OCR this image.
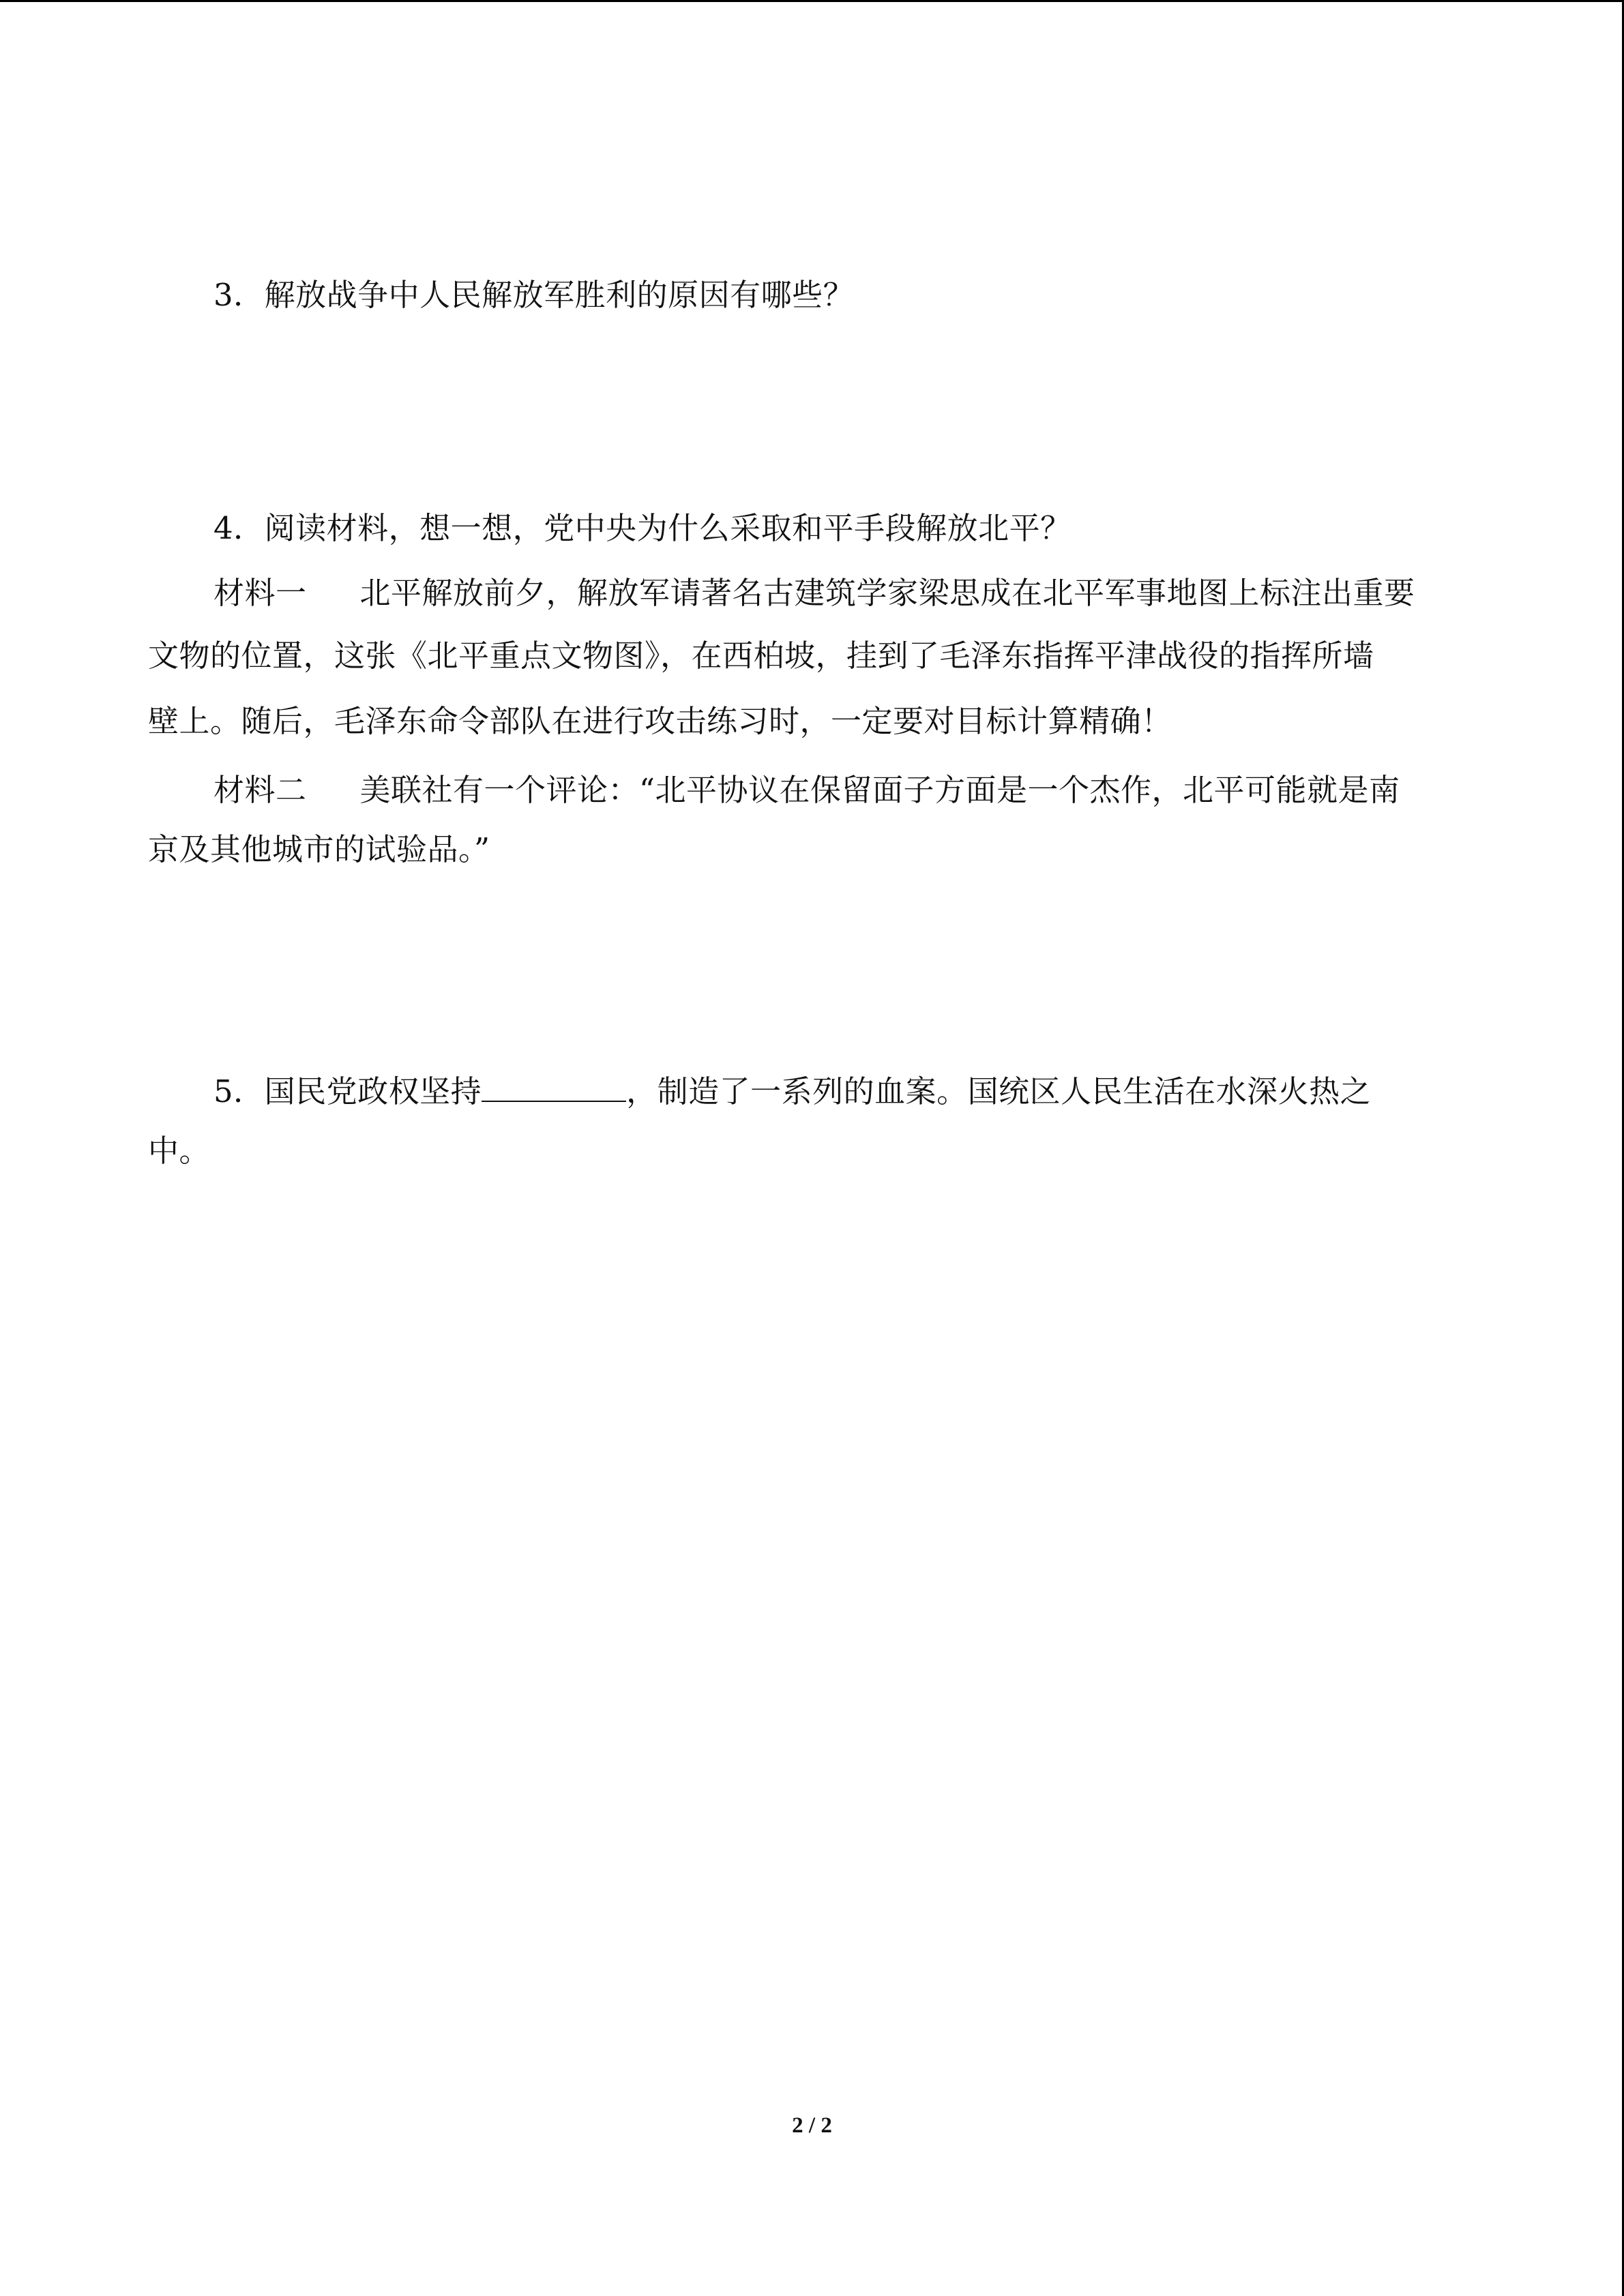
3．解放战争中人民解放军胜利的原因有哪些？
4．阅读材料，想一想，党中央为什么采取和平手段解放北平？
材料一 北平解放前夕，解放军请著名古建筑学家梁思成在北平军事地图上标注出重要
文物的位置，这张《北平重点文物图》，在西柏坡，挂到了毛泽东指挥平津战役的指挥所墙
壁上。随后，毛泽东命令部队在进行攻击练习时，一定要对目标计算精确！
材料二 美联社有一个评论：“北平协议在保留面子方面是一个杰作，北平可能就是南
京及其他城市的试验品。”
5．国民党政权坚持	，制造了一系列的血案。国统区人民生活在水深火热之
中。
2 / 2
